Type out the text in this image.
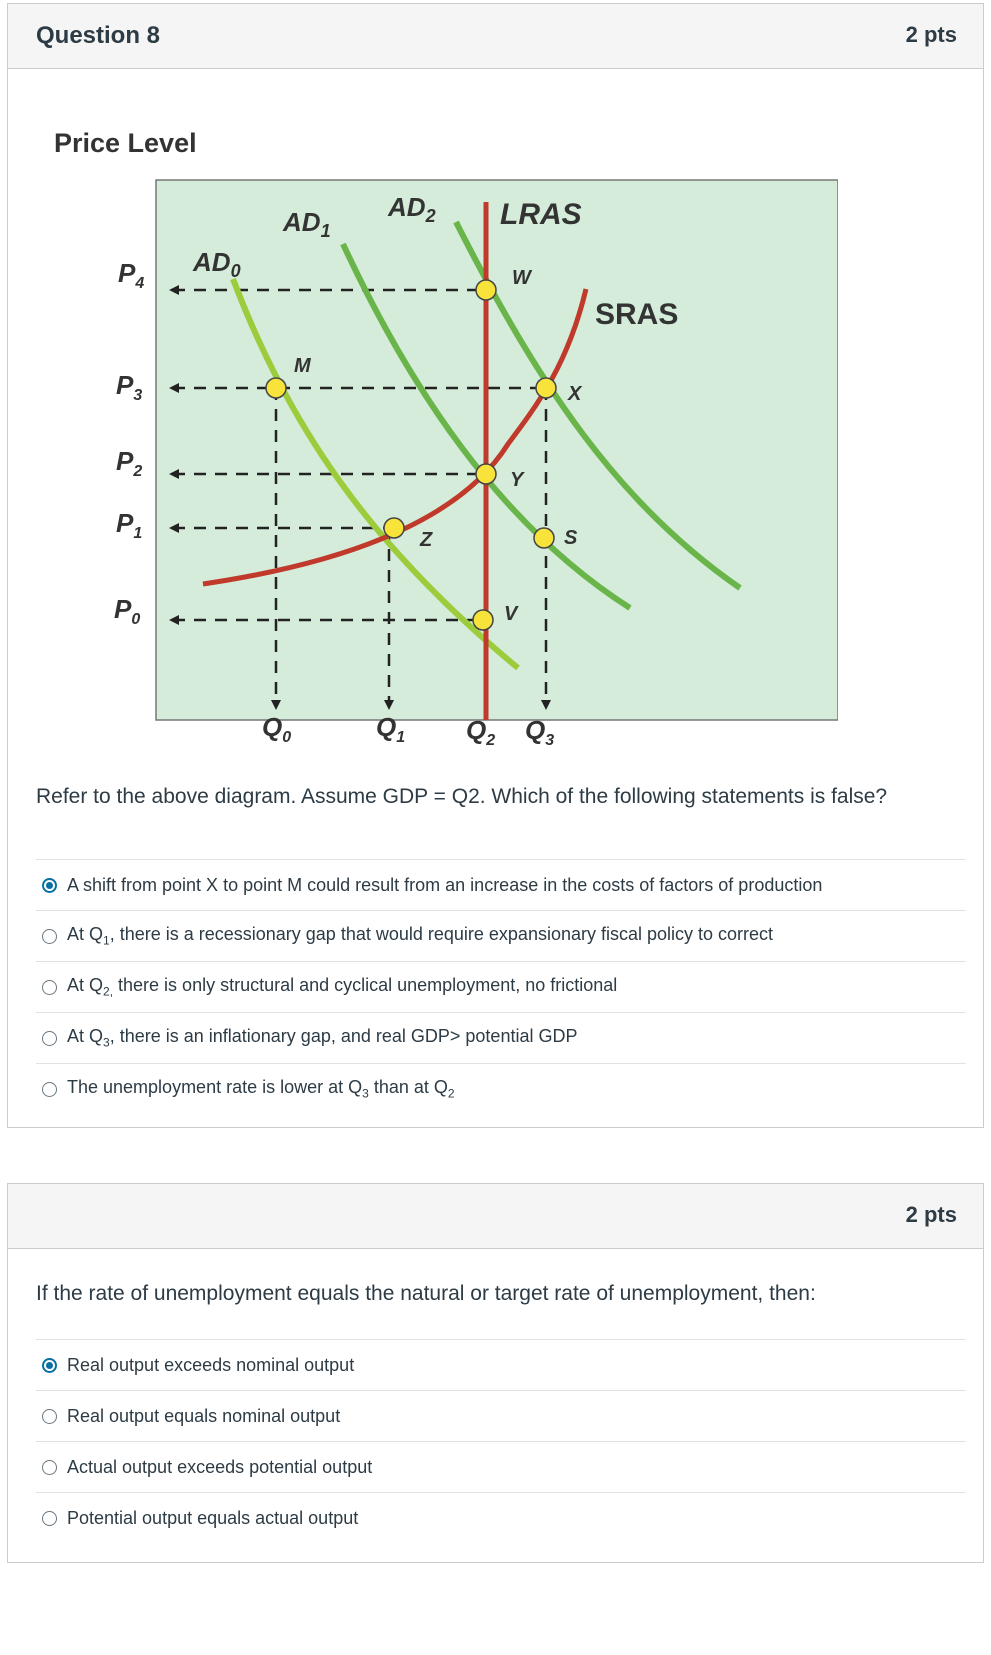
Question 8	2 pts
Price Level
$AD_0$
$AD_1$
$AD_2$ LRAS
SRAS
W
M
X
Y
Z	S
V
$P_4$
$P_3$
$P_2$
$P_1$
$P_0$
$Q_0$	$Q_1$ $Q_2$ $Q_3$
Refer to the above diagram. Assume GDP = Q2. Which of the following statements is false?
A shift from point X to point M could result from an increase in the costs of factors of production
At $Q_1$, there is a recessionary gap that would require expansionary fiscal policy to correct
At $Q_{2,}$ there is only structural and cyclical unemployment, no frictional
At $Q_3$, there is an inflationary gap, and real GDP> potential GDP
The unemployment rate is lower at $Q_3$ than at $Q_2$
2 pts
If the rate of unemployment equals the natural or target rate of unemployment, then:
Real output exceeds nominal output
Real output equals nominal output
Actual output exceeds potential output
Potential output equals actual output
